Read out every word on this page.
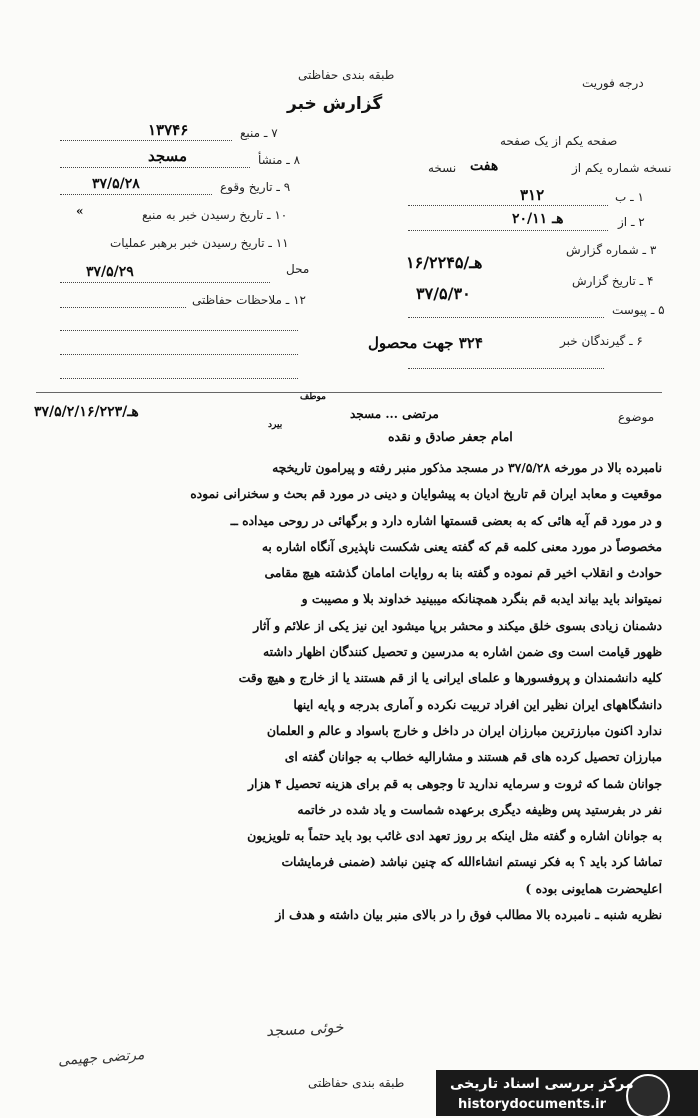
طبقه بندی حفاظتی
درجه فوریت
گزارش خبر
۷ ـ منبع
۱۳۷۴۶
۸ ـ منشأ
مسجد
۹ ـ تاریخ وقوع
۳۷/۵/۲۸
۱۰ ـ تاریخ رسیدن خبر به منبع
«
۱۱ ـ تاریخ رسیدن خبر برهبر عملیات
محل
۳۷/۵/۲۹
۱۲ ـ ملاحظات حفاظتی
صفحه یکم از یک صفحه
نسخه شماره یکم از
هفت
نسخه
۱ ـ ب
۳۱۲
۲ ـ از
۲۰/۱۱ هـ
۳ ـ شماره گزارش
۱۶/هـ/۲۲۴۵
۴ ـ تاریخ گزارش
۳۷/۵/۳۰
۵ ـ پیوست
۶ ـ گیرندگان خبر
۳۲۴ جهت محصول
موضوع
مرتضی ... مسجد
موطف
بیرد
۳۷/۵/۲/۱۶/هـ/۲۲۳
امام جعفر صادق و نقده
نامبرده بالا در مورخه ۳۷/۵/۲۸ در مسجد مذکور منبر رفته و پیرامون تاریخچه
موقعیت و معابد ایران قم تاریخ ادیان به پیشوایان و دینی در مورد قم بحث و سخنرانی نموده
و در مورد قم آیه هائی که به بعضی قسمتها اشاره دارد و برگهائی در روحی میداده ــ
مخصوصاً در مورد معنی کلمه قم که گفته یعنی شکست ناپذیری آنگاه اشاره به
حوادث و انقلاب اخیر قم نموده و گفته بنا به روایات امامان گذشته هیچ مقامی
نمیتواند باید بیاند ایدبه قم بنگرد همچنانکه میبینید خداوند بلا و مصیبت و
دشمنان زیادی بسوی خلق میکند و محشر برپا میشود این نیز یکی از علائم و آثار
ظهور قیامت است وی ضمن اشاره به مدرسین و تحصیل کنندگان اظهار داشته
کلیه دانشمندان و پروفسورها و علمای ایرانی یا از قم هستند یا از خارج و هیچ وقت
دانشگاههای ایران نظیر این افراد تربیت نکرده و آماری بدرجه و پایه اینها
ندارد اکنون مبارزترین مبارزان ایران در داخل و خارج باسواد و عالم و العلمان
مبارزان تحصیل کرده های قم هستند و مشارالیه خطاب به جوانان گفته ای
جوانان شما که ثروت و سرمایه ندارید تا وجوهی به قم برای هزینه تحصیل ۴ هزار
نفر در بفرستید پس وظیفه دیگری برعهده شماست و یاد شده در خاتمه
به جوانان اشاره و گفته مثل اینکه بر روز تعهد ادی غائب بود باید حتماً به تلویزیون
تماشا کرد باید ؟ به فکر نیستم انشاءالله که چنین نباشد (ضمنی فرمایشات
اعلیحضرت همایونی بوده )
نظریه شنبه ـ نامبرده بالا مطالب فوق را در بالای منبر بیان داشته و هدف از
مرتضی جهیمی
خوئی مسجد
طبقه بندی حفاظتی	مرکز بررسی اسناد تاریخی
historydocuments.ir
